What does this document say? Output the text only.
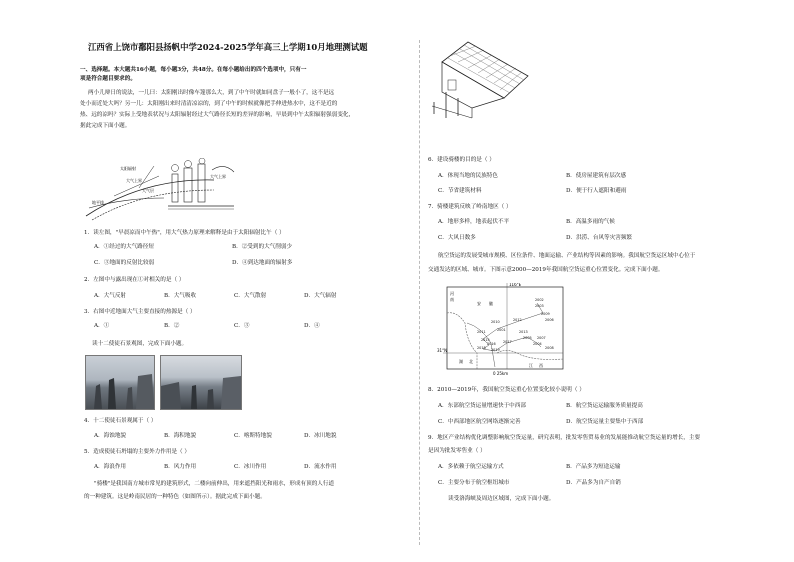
江西省上饶市鄱阳县扬帆中学2024-2025学年高三上学期10月地理测试题
一、选择题。本大题共16小题，每小题3分，共48分。在每小题给出的四个选项中，只有一
项是符合题目要求的。
两小儿辩日的说法，一儿曰：太阳刚出时像车篷那么大，到了中午时就如同盘子一般小了，这不是远
处小而近处大吗？另一儿：太阳刚出来时清清凉凉的，到了中午的时候就像把手伸进热水中，这不是近的
热、远的凉吗？实际上受地表状况与太阳辐射经过大气路径长短的差异的影响，早晨到中午太阳辐射强弱变化，
据此完成下面小题。
太阳辐射
大气上界
大气层
地平线
大气上界
1．读左图，"早晨凉而中午热"，用大气热力原理来解释是由于太阳辐射比午（ ）
A．①经过的大气路径短	B．②受到的大气削弱少
C．③地面的反射比较弱	D．④到达地面的辐射多
2．左图中与露出现在①对相关的是（ ）
A．大气反射	B．大气吸收	C．大气散射	D．大气辐射
3．右图中近地面大气主要直接的热源是（ ）
A．①	B．②	C．③	D．④
读十二使徒石景观图，完成下面小题。
4．十二使徒石景观属于（ ）
A．海蚀地貌	B．海积地貌	C．喀斯特地貌	D．冰川地貌
5．造成使徒石坍塌的主要外力作用是（ ）
A．海浪作用	B．风力作用	C．冰川作用	D．流水作用
"骑楼"是我国南方城市常见的建筑形式，二楼向前伸出，用来遮挡阳光和雨水，形成有顶的人行道
的一种建筑。这是岭南民居的一种特色（如图所示）。据此完成下面小题。
6．建设骑楼的目的是（ ）
A．体现当地的民族特色	B．使房屋建筑有层次感
C．节省建筑材料	D．便于行人遮阳和避雨
7．骑楼建筑反映了岭南地区（ ）
A．地形多样，地表起伏不平	B．高温多雨的气候
C．大风日数多	D．洪涝、台风等灾害频繁
航空货运的发展受城市规模、区位条件、地面运输、产业结构等因素的影响。我国航空货运区域中心位于
交通发达的区域、城市。下图示意2000—2019年我国航空货运重心位置变化。完成下面小题。
河
南
安 徽
湖 北
江 西
116°E
31°N
0 25km
2002
2003
2012
2009
2010	2006
2011	2001	2013
2015
2016
2018 2019
2017	2004
2005 2007
2008
8．2010—2019年，我国航空货运重心位置变化较小说明（ ）
A．东部航空货运量增速快于中西部	B．航空货运运输服务质量提高
C．中西部地区航空网络逐渐完善	D．航空货运量主要集中于西部
9．地区产业结构优化调整影响航空货运量，研究表明，批发零售贸易业的发展能推动航空货运量的增长，主要
是因为批发零售业（ ）
A．多依赖于航空运输方式	B．产品多为短途运输
C．主要分布于航空枢纽城市	D．产品多为自产自销
读受洛海峡及周边区域图，完成下面小题。
